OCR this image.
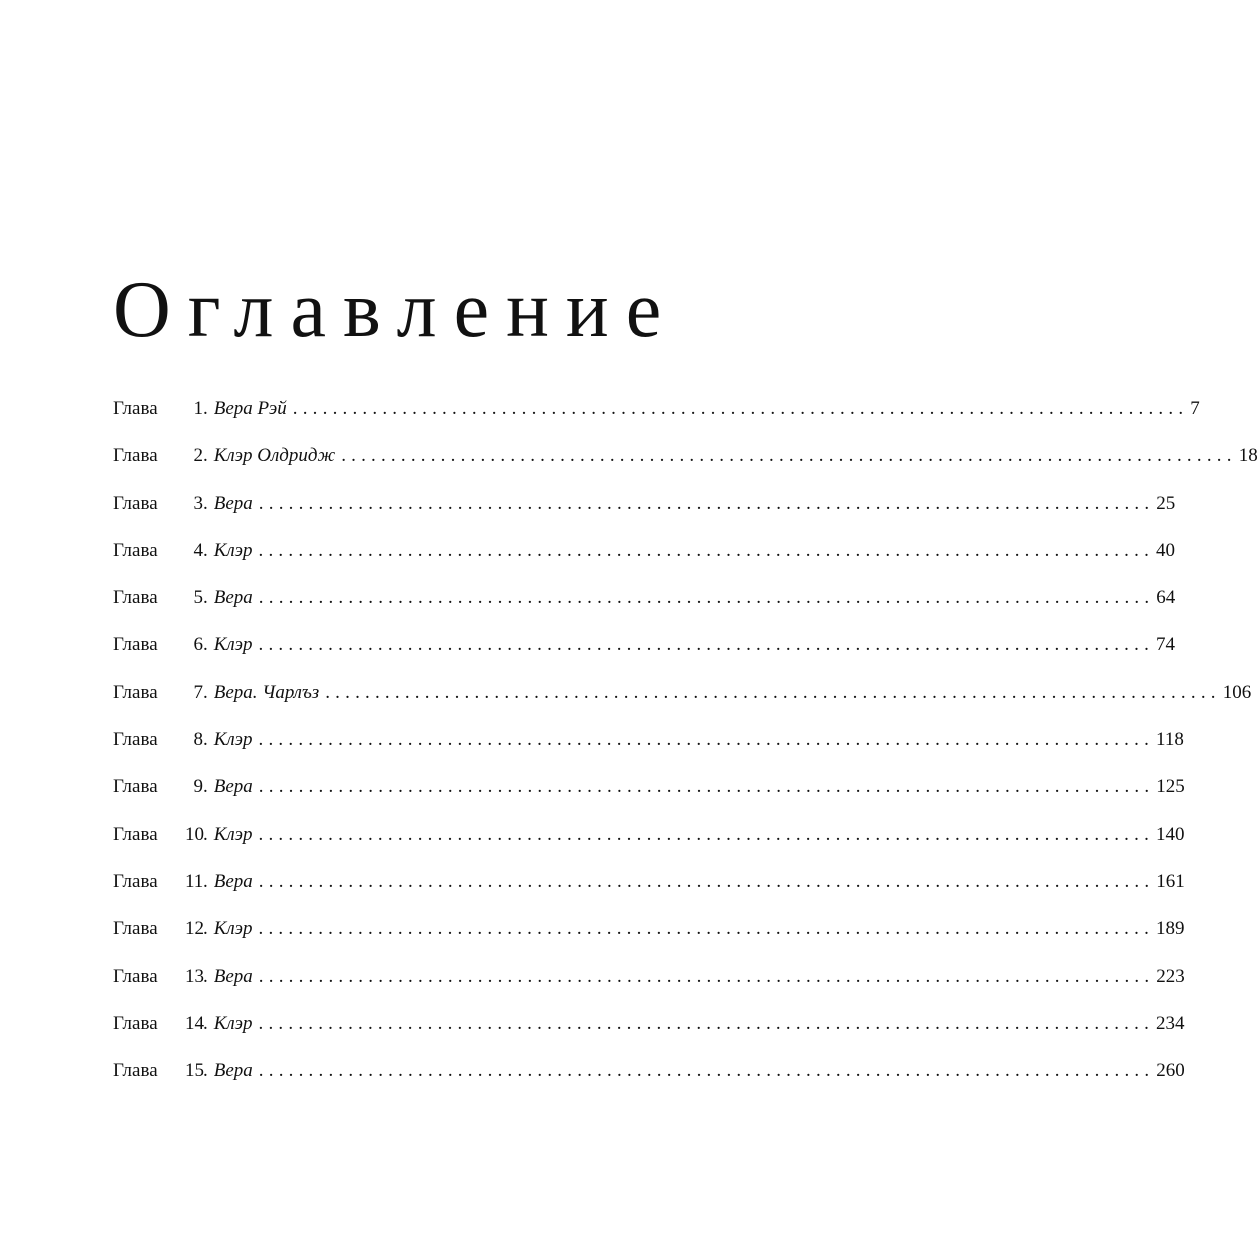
Оглавление
Глава	1 . Вера Рэй .......................................................................................... 7
Глава	2 . Клэр Олдридж .......................................................................................... 18
Глава	3 . Вера .......................................................................................... 25
Глава	4 . Клэр .......................................................................................... 40
Глава	5 . Вера .......................................................................................... 64
Глава	6 . Клэр .......................................................................................... 74
Глава	7 . Вера. Чарлъз .......................................................................................... 106
Глава	8 . Клэр .......................................................................................... 118
Глава	9 . Вера .......................................................................................... 125
Глава	10 . Клэр .......................................................................................... 140
Глава	11 . Вера .......................................................................................... 161
Глава	12 . Клэр .......................................................................................... 189
Глава	13 . Вера .......................................................................................... 223
Глава	14 . Клэр .......................................................................................... 234
Глава	15 . Вера .......................................................................................... 260
